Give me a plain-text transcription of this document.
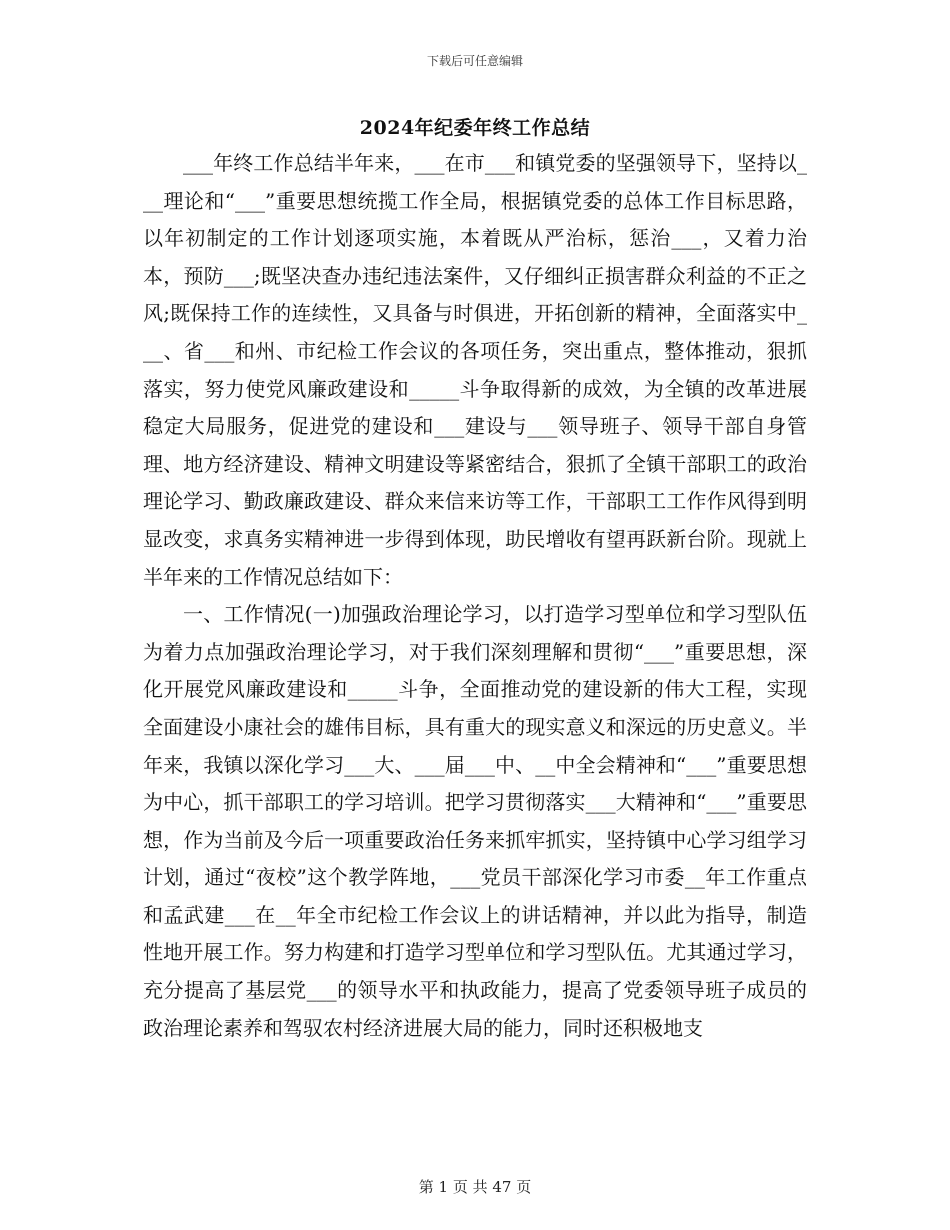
下载后可任意编辑
2024年纪委年终工作总结

___年终工作总结半年来，___在市___和镇党委的坚强领导下，坚持以___理论和“___”重要思想统揽工作全局，根据镇党委的总体工作目标思路，以年初制定的工作计划逐项实施，本着既从严治标，惩治___，又着力治本，预防___;既坚决查办违纪违法案件，又仔细纠正损害群众利益的不正之风;既保持工作的连续性，又具备与时俱进，开拓创新的精神，全面落实中___、省___和州、市纪检工作会议的各项任务，突出重点，整体推动，狠抓落实，努力使党风廉政建设和_____斗争取得新的成效，为全镇的改革进展稳定大局服务，促进党的建设和___建设与___领导班子、领导干部自身管理、地方经济建设、精神文明建设等紧密结合，狠抓了全镇干部职工的政治理论学习、勤政廉政建设、群众来信来访等工作，干部职工工作作风得到明显改变，求真务实精神进一步得到体现，助民增收有望再跃新台阶。现就上半年来的工作情况总结如下：

一、工作情况(一)加强政治理论学习，以打造学习型单位和学习型队伍为着力点加强政治理论学习，对于我们深刻理解和贯彻“___”重要思想，深化开展党风廉政建设和_____斗争，全面推动党的建设新的伟大工程，实现全面建设小康社会的雄伟目标，具有重大的现实意义和深远的历史意义。半年来，我镇以深化学习___大、___届___中、__中全会精神和“___”重要思想为中心，抓干部职工的学习培训。把学习贯彻落实___大精神和“___”重要思想，作为当前及今后一项重要政治任务来抓牢抓实，坚持镇中心学习组学习计划，通过“夜校”这个教学阵地，___党员干部深化学习市委__年工作重点和孟武建___在__年全市纪检工作会议上的讲话精神，并以此为指导，制造性地开展工作。努力构建和打造学习型单位和学习型队伍。尤其通过学习，充分提高了基层党___的领导水平和执政能力，提高了党委领导班子成员的政治理论素养和驾驭农村经济进展大局的能力，同时还积极地支

第 1 页 共 47 页
